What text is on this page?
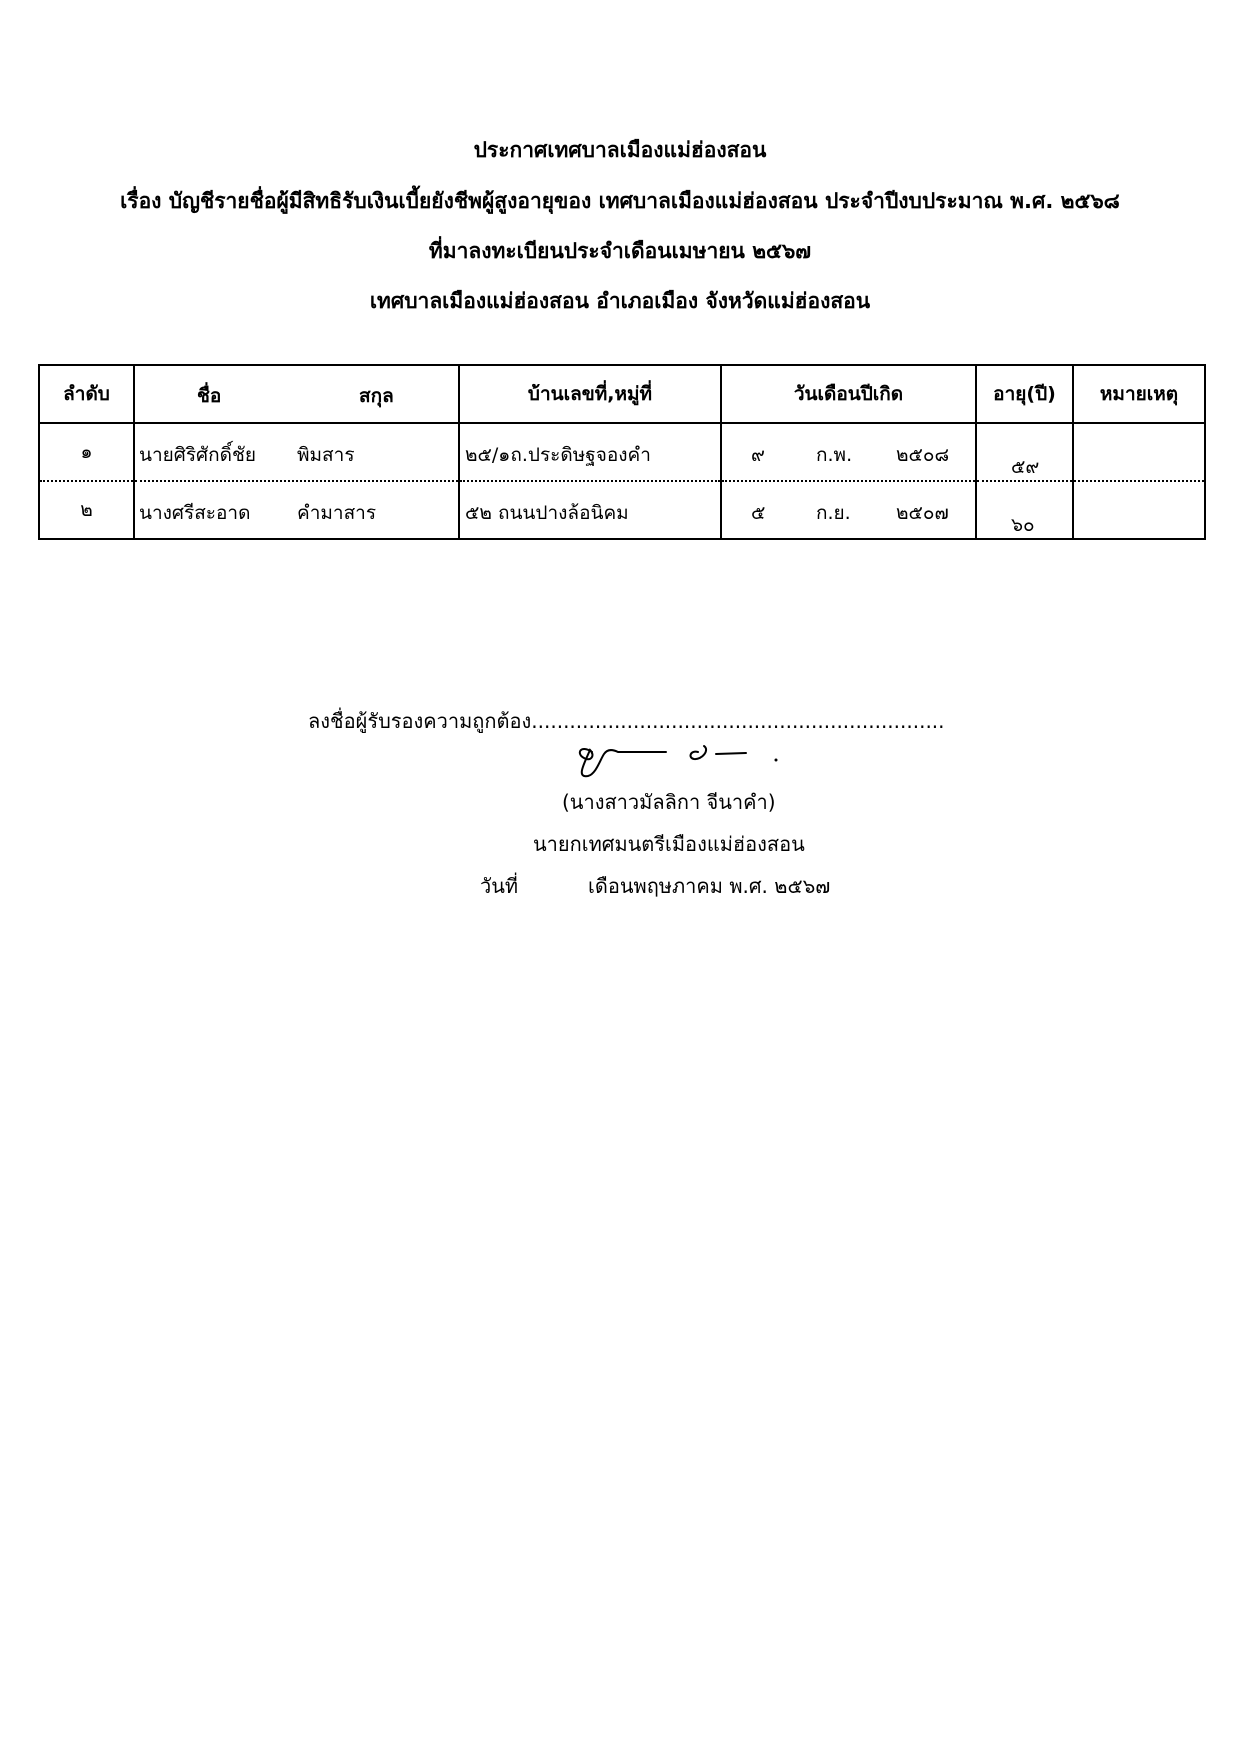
ประกาศเทศบาลเมืองแม่ฮ่องสอน
เรื่อง บัญชีรายชื่อผู้มีสิทธิรับเงินเบี้ยยังชีพผู้สูงอายุของ เทศบาลเมืองแม่ฮ่องสอน ประจำปีงบประมาณ พ.ศ. ๒๕๖๘
ที่มาลงทะเบียนประจำเดือนเมษายน ๒๕๖๗
เทศบาลเมืองแม่ฮ่องสอน อำเภอเมือง จังหวัดแม่ฮ่องสอน
ลำดับ	ชื่อ สกุล	บ้านเลขที่,หมู่ที่	วันเดือนปีเกิด	อายุ(ปี)	หมายเหตุ
๑	นายศิริศักดิ์ชัย พิมสาร	๒๕/๑ถ.ประดิษฐจองคำ	๙ ก.พ. ๒๕๐๘	๕๙	

๒	นางศรีสะอาด คำมาสาร	๕๒ ถนนปางล้อนิคม	๕ ก.ย. ๒๕๐๗	๖๐	

ลงชื่อผู้รับรองความถูกต้อง.................................................................
(นางสาวมัลลิกา จีนาคำ)
นายกเทศมนตรีเมืองแม่ฮ่องสอน
วันที่	เดือนพฤษภาคม พ.ศ. ๒๕๖๗
